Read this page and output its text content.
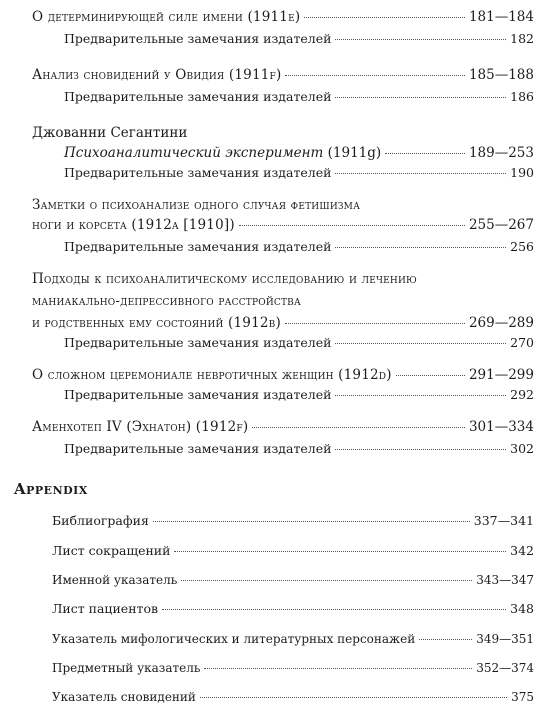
О детерминирующей силе имени (1911e)	181—184
Предварительные замечания издателей	182
Анализ сновидений у Овидия (1911f)	185—188
Предварительные замечания издателей	186
Джованни Сегантини
Психоаналитический эксперимент (1911g)	189—253
Предварительные замечания издателей	190
Заметки о психоанализе одного случая фетишизма
ноги и корсета (1912a [1910])	255—267
Предварительные замечания издателей	256
Подходы к психоаналитическому исследованию и лечению
маниакально-депрессивного расстройства
и родственных ему состояний (1912b)	269—289
Предварительные замечания издателей	270
О сложном церемониале невротичных женщин (1912d)	291—299
Предварительные замечания издателей	292
Аменхотеп IV (Эхнатон) (1912f)	301—334
Предварительные замечания издателей	302
Appendix
Библиография	337—341
Лист сокращений	342
Именной указатель	343—347
Лист пациентов	348
Указатель мифологических и литературных персонажей	349—351
Предметный указатель	352—374
Указатель сновидений	375
